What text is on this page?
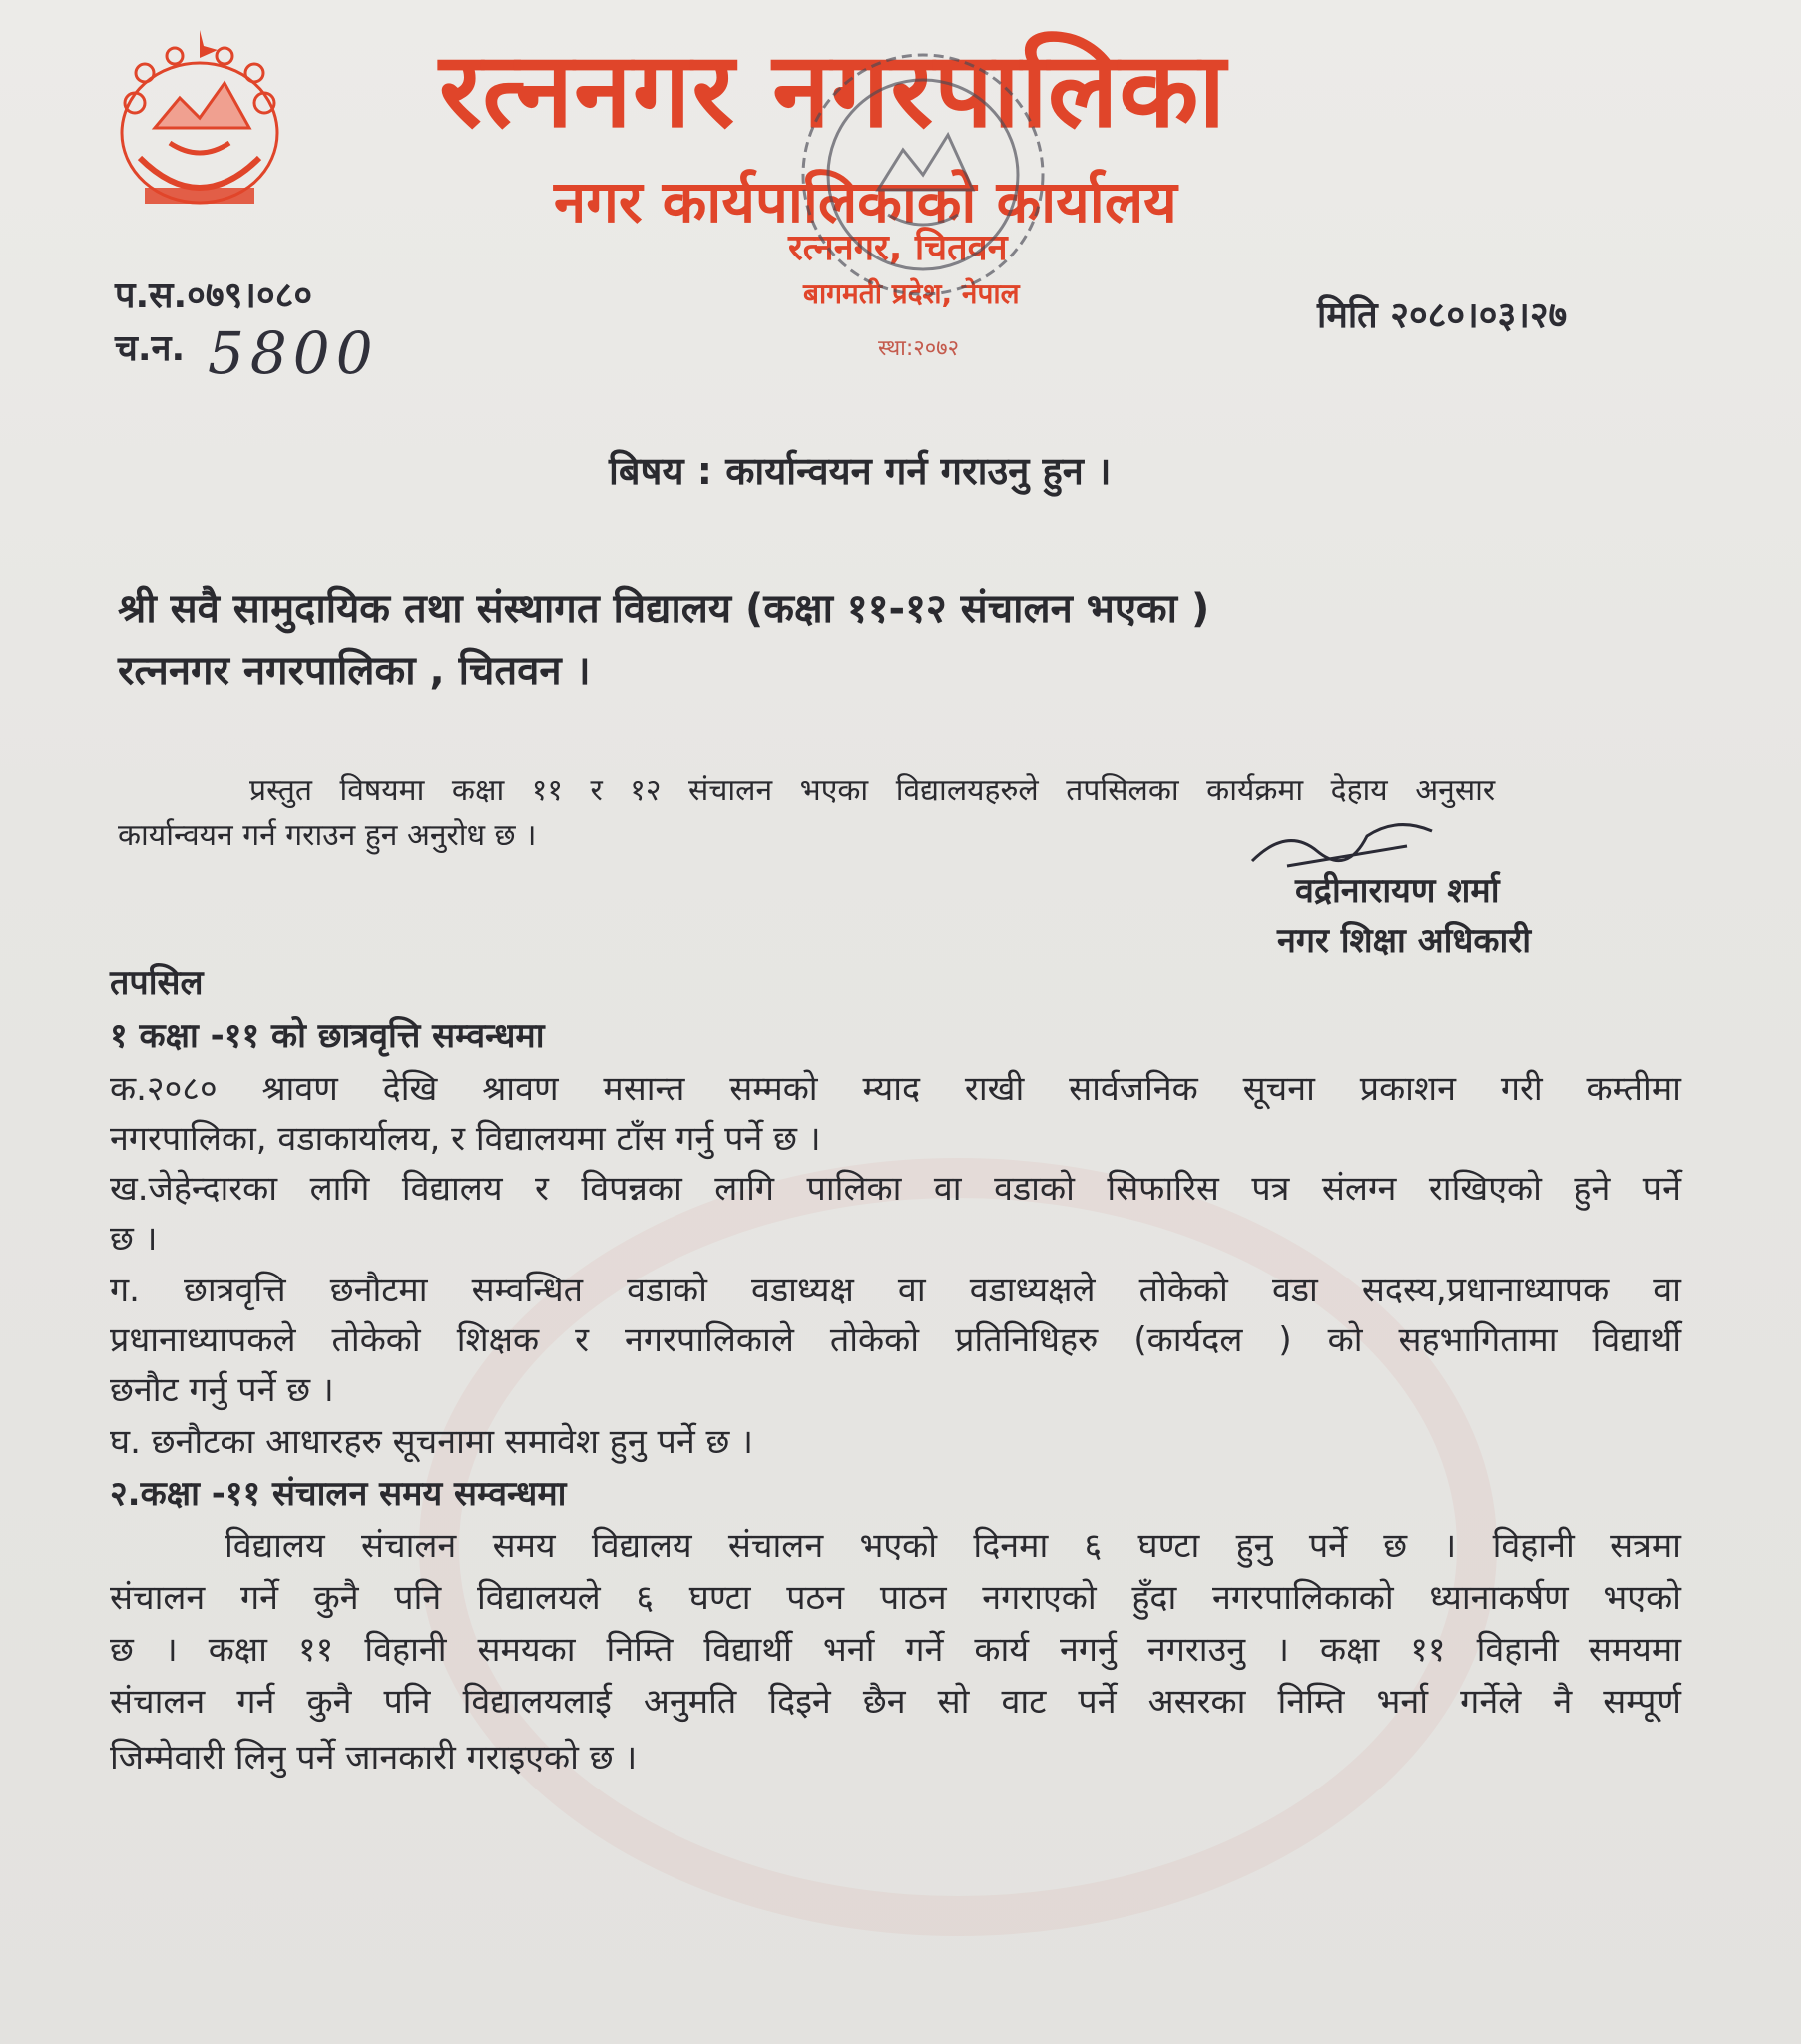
रत्ननगर नगरपालिका
नगर कार्यपालिकाको कार्यालय
रत्ननगर, चितवन
बागमती प्रदेश, नेपाल
स्था:२०७२
प.स.०७९।०८०
च.न. 5800
मिति २०८०।०३।२७
बिषय : कार्यान्वयन गर्न गराउनु हुन ।
श्री सवै सामुदायिक तथा संस्थागत विद्यालय (कक्षा ११-१२ संचालन भएका )
रत्ननगर नगरपालिका , चितवन ।
प्रस्तुत विषयमा कक्षा ११ र १२ संचालन भएका विद्यालयहरुले तपसिलका कार्यक्रमा देहाय अनुसार
कार्यान्वयन गर्न गराउन हुन अनुरोध छ ।
वद्रीनारायण शर्मा
नगर शिक्षा अधिकारी
तपसिल
१ कक्षा -११ को छात्रवृत्ति सम्वन्धमा
क.२०८० श्रावण देखि श्रावण मसान्त सम्मको म्याद राखी सार्वजनिक सूचना प्रकाशन गरी कम्तीमा
नगरपालिका, वडाकार्यालय, र विद्यालयमा टाँस गर्नु पर्ने छ ।
ख.जेहेन्दारका लागि विद्यालय र विपन्नका लागि पालिका वा वडाको सिफारिस पत्र संलग्न राखिएको हुने पर्ने
छ ।
ग. छात्रवृत्ति छनौटमा सम्वन्धित वडाको वडाध्यक्ष वा वडाध्यक्षले तोकेको वडा सदस्य,प्रधानाध्यापक वा
प्रधानाध्यापकले तोकेको शिक्षक र नगरपालिकाले तोकेको प्रतिनिधिहरु (कार्यदल ) को सहभागितामा विद्यार्थी
छनौट गर्नु पर्ने छ ।
घ. छनौटका आधारहरु सूचनामा समावेश हुनु पर्ने छ ।
२.कक्षा -११ संचालन समय सम्वन्धमा
विद्यालय संचालन समय विद्यालय संचालन भएको दिनमा ६ घण्टा हुनु पर्ने छ । विहानी सत्रमा
संचालन गर्ने कुनै पनि विद्यालयले ६ घण्टा पठन पाठन नगराएको हुँदा नगरपालिकाको ध्यानाकर्षण भएको
छ । कक्षा ११ विहानी समयका निम्ति विद्यार्थी भर्ना गर्ने कार्य नगर्नु नगराउनु । कक्षा ११ विहानी समयमा
संचालन गर्न कुनै पनि विद्यालयलाई अनुमति दिइने छैन सो वाट पर्ने असरका निम्ति भर्ना गर्नेले नै सम्पूर्ण
जिम्मेवारी लिनु पर्ने जानकारी गराइएको छ ।
